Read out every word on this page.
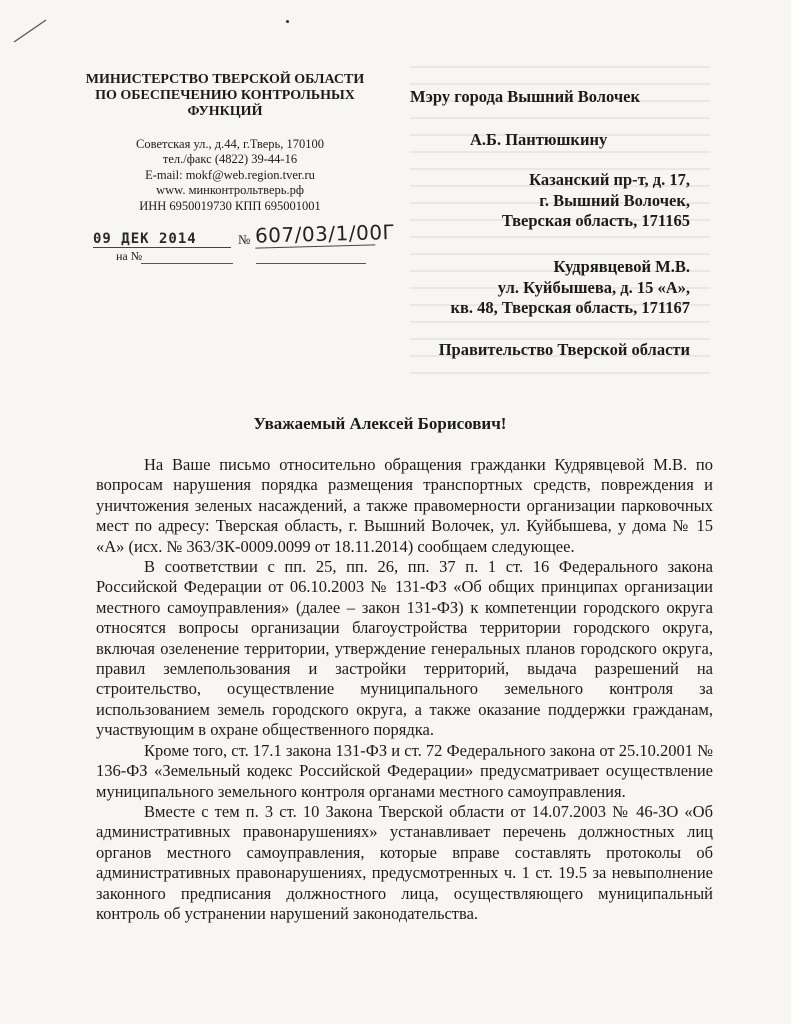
МИНИСТЕРСТВО ТВЕРСКОЙ ОБЛАСТИ
ПО ОБЕСПЕЧЕНИЮ КОНТРОЛЬНЫХ
ФУНКЦИЙ
Советская ул., д.44, г.Тверь, 170100
тел./факс (4822) 39-44-16
E-mail: mokf@web.region.tver.ru
www. минконтрольтверь.рф
ИНН 6950019730 КПП 695001001
09 ДЕК 2014	№ 607/03/1/00Г
на №
Мэру города Вышний Волочек
А.Б. Пантюшкину
Казанский пр-т, д. 17,
г. Вышний Волочек,
Тверская область, 171165
Кудрявцевой М.В.
ул. Куйбышева, д. 15 «А»,
кв. 48, Тверская область, 171167
Правительство Тверской области
Уважаемый Алексей Борисович!

На Ваше письмо относительно обращения гражданки Кудрявцевой М.В. по вопросам нарушения порядка размещения транспортных средств, повреждения и уничтожения зеленых насаждений, а также правомерности организации парковочных мест по адресу: Тверская область, г. Вышний Волочек, ул. Куйбышева, у дома № 15 «А» (исх. № 363/ЗК-0009.0099 от 18.11.2014) сообщаем следующее.

В соответствии с пп. 25, пп. 26, пп. 37 п. 1 ст. 16 Федерального закона Российской Федерации от 06.10.2003 № 131-ФЗ «Об общих принципах организации местного самоуправления» (далее – закон 131-ФЗ) к компетенции городского округа относятся вопросы организации благоустройства территории городского округа, включая озеленение территории, утверждение генеральных планов городского округа, правил землепользования и застройки территорий, выдача разрешений на строительство, осуществление муниципального земельного контроля за использованием земель городского округа, а также оказание поддержки гражданам, участвующим в охране общественного порядка.

Кроме того, ст. 17.1 закона 131-ФЗ и ст. 72 Федерального закона от 25.10.2001 № 136-ФЗ «Земельный кодекс Российской Федерации» предусматривает осуществление муниципального земельного контроля органами местного самоуправления.

Вместе с тем п. 3 ст. 10 Закона Тверской области от 14.07.2003 № 46-ЗО «Об административных правонарушениях» устанавливает перечень должностных лиц органов местного самоуправления, которые вправе составлять протоколы об административных правонарушениях, предусмотренных ч. 1 ст. 19.5 за невыполнение законного предписания должностного лица, осуществляющего муниципальный контроль об устранении нарушений законодательства.
